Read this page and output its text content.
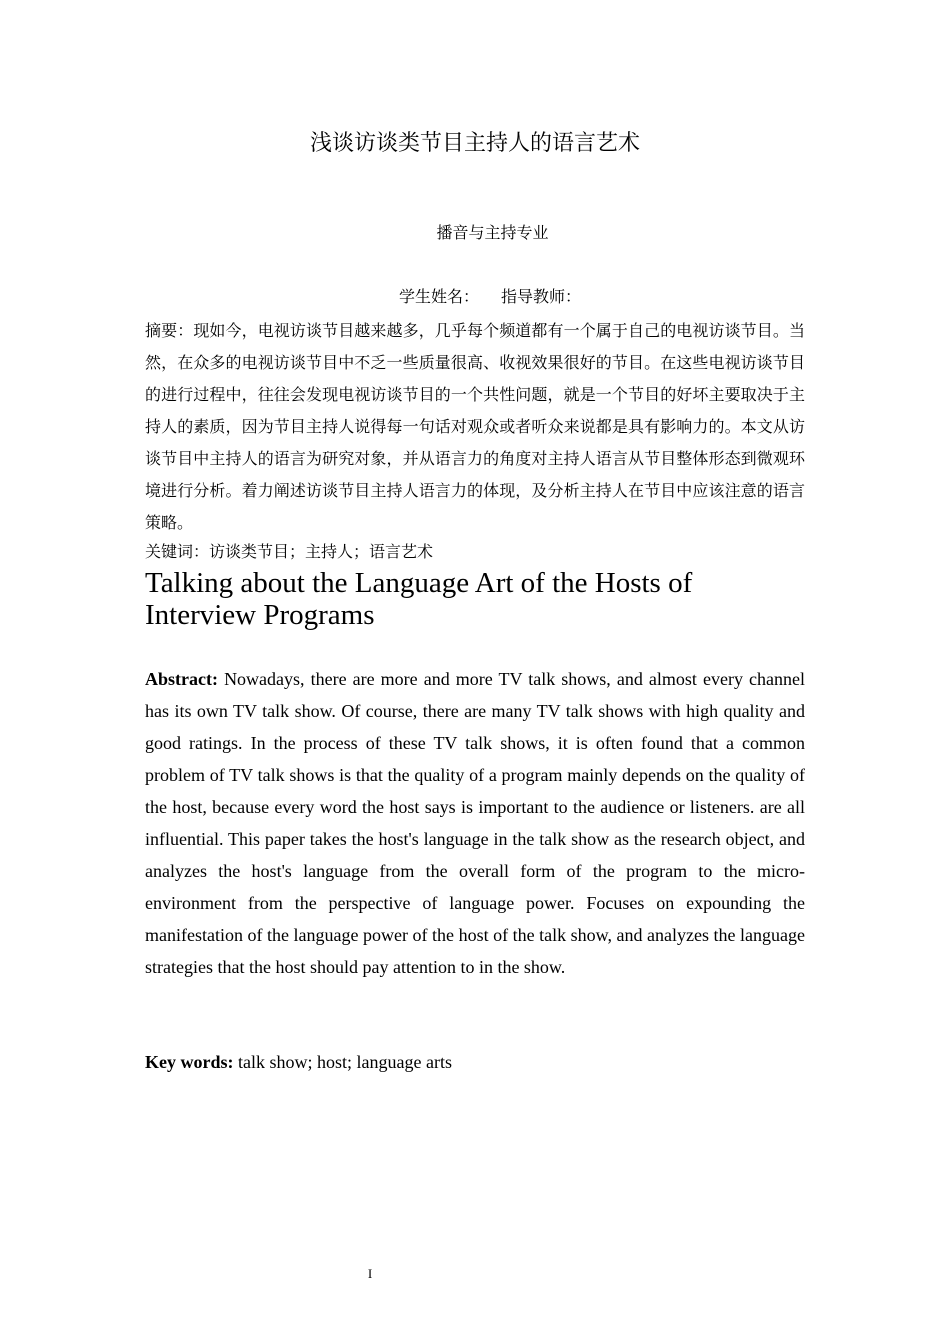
浅谈访谈类节目主持人的语言艺术
播音与主持专业
学生姓名： 指导教师：
摘要：现如今，电视访谈节目越来越多，几乎每个频道都有一个属于自己的电视访谈节目。当然，在众多的电视访谈节目中不乏一些质量很高、收视效果很好的节目。在这些电视访谈节目的进行过程中，往往会发现电视访谈节目的一个共性问题，就是一个节目的好坏主要取决于主持人的素质，因为节目主持人说得每一句话对观众或者听众来说都是具有影响力的。本文从访谈节目中主持人的语言为研究对象，并从语言力的角度对主持人语言从节目整体形态到微观环境进行分析。着力阐述访谈节目主持人语言力的体现，及分析主持人在节目中应该注意的语言策略。
关键词：访谈类节目；主持人；语言艺术
Talking about the Language Art of the Hosts of Interview Programs
Abstract: Nowadays, there are more and more TV talk shows, and almost every channel has its own TV talk show. Of course, there are many TV talk shows with high quality and good ratings. In the process of these TV talk shows, it is often found that a common problem of TV talk shows is that the quality of a program mainly depends on the quality of the host, because every word the host says is important to the audience or listeners. are all influential. This paper takes the host's language in the talk show as the research object, and analyzes the host's language from the overall form of the program to the micro-environment from the perspective of language power. Focuses on expounding the manifestation of the language power of the host of the talk show, and analyzes the language strategies that the host should pay attention to in the show.
Key words: talk show; host; language arts
I
